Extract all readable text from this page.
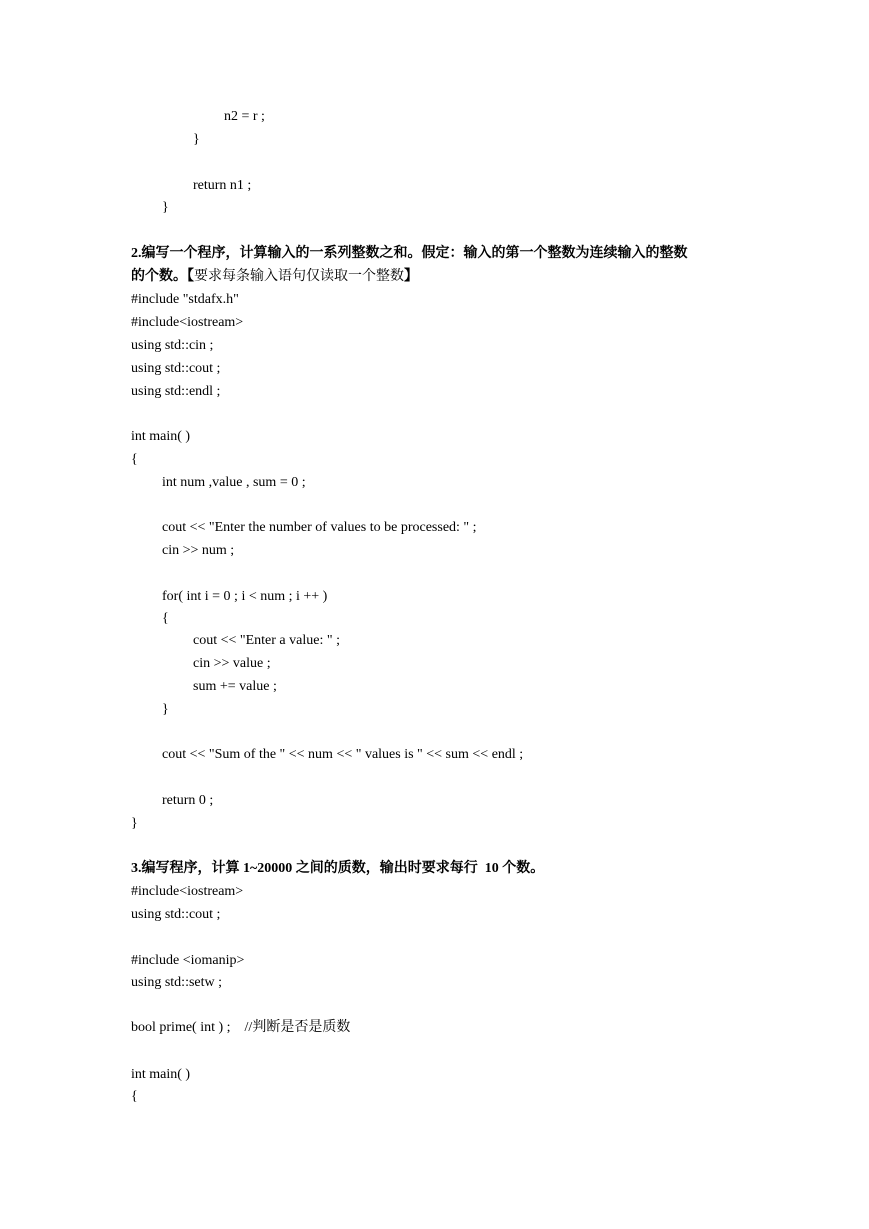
n2 = r ;
}
return n1 ;
}
2.编写一个程序，计算输入的一系列整数之和。假定：输入的第一个整数为连续输入的整数
的个数。【要求每条输入语句仅读取一个整数】
#include "stdafx.h"
#include<iostream>
using std::cin ;
using std::cout ;
using std::endl ;
int main( )
{
int num ,value , sum = 0 ;
cout << "Enter the number of values to be processed: " ;
cin >> num ;
for( int i = 0 ; i < num ; i ++ )
{
cout << "Enter a value: " ;
cin >> value ;
sum += value ;
}
cout << "Sum of the " << num << " values is " << sum << endl ;
return 0 ;
}
3.编写程序，计算 1~20000 之间的质数，输出时要求每行  10 个数。
#include<iostream>
using std::cout ;
#include <iomanip>
using std::setw ;
bool prime( int ) ;    //判断是否是质数
int main( )
{
